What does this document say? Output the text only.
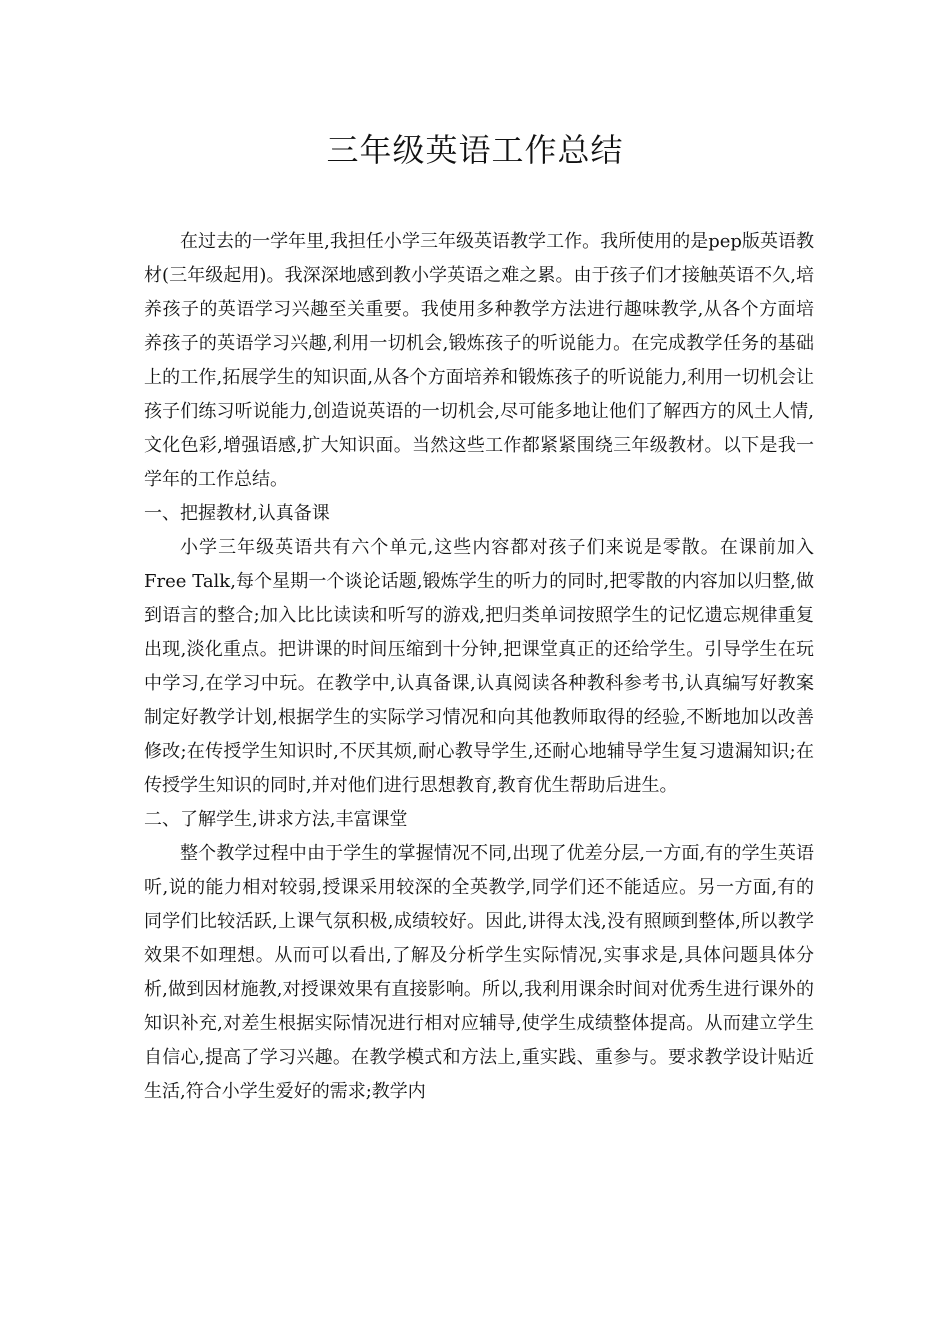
三年级英语工作总结

在过去的一学年里,我担任小学三年级英语教学工作。我所使用的是pep版英语教材(三年级起用)。我深深地感到教小学英语之难之累。由于孩子们才接触英语不久,培养孩子的英语学习兴趣至关重要。我使用多种教学方法进行趣味教学,从各个方面培养孩子的英语学习兴趣,利用一切机会,锻炼孩子的听说能力。在完成教学任务的基础上的工作,拓展学生的知识面,从各个方面培养和锻炼孩子的听说能力,利用一切机会让孩子们练习听说能力,创造说英语的一切机会,尽可能多地让他们了解西方的风土人情,文化色彩,增强语感,扩大知识面。当然这些工作都紧紧围绕三年级教材。以下是我一学年的工作总结。

一、把握教材,认真备课

小学三年级英语共有六个单元,这些内容都对孩子们来说是零散。在课前加入Free Talk,每个星期一个谈论话题,锻炼学生的听力的同时,把零散的内容加以归整,做到语言的整合;加入比比读读和听写的游戏,把归类单词按照学生的记忆遗忘规律重复出现,淡化重点。把讲课的时间压缩到十分钟,把课堂真正的还给学生。引导学生在玩中学习,在学习中玩。在教学中,认真备课,认真阅读各种教科参考书,认真编写好教案制定好教学计划,根据学生的实际学习情况和向其他教师取得的经验,不断地加以改善修改;在传授学生知识时,不厌其烦,耐心教导学生,还耐心地辅导学生复习遗漏知识;在传授学生知识的同时,并对他们进行思想教育,教育优生帮助后进生。

二、了解学生,讲求方法,丰富课堂

整个教学过程中由于学生的掌握情况不同,出现了优差分层,一方面,有的学生英语听,说的能力相对较弱,授课采用较深的全英教学,同学们还不能适应。另一方面,有的同学们比较活跃,上课气氛积极,成绩较好。因此,讲得太浅,没有照顾到整体,所以教学效果不如理想。从而可以看出,了解及分析学生实际情况,实事求是,具体问题具体分析,做到因材施教,对授课效果有直接影响。所以,我利用课余时间对优秀生进行课外的知识补充,对差生根据实际情况进行相对应辅导,使学生成绩整体提高。从而建立学生自信心,提高了学习兴趣。在教学模式和方法上,重实践、重参与。要求教学设计贴近生活,符合小学生爱好的需求;教学内
